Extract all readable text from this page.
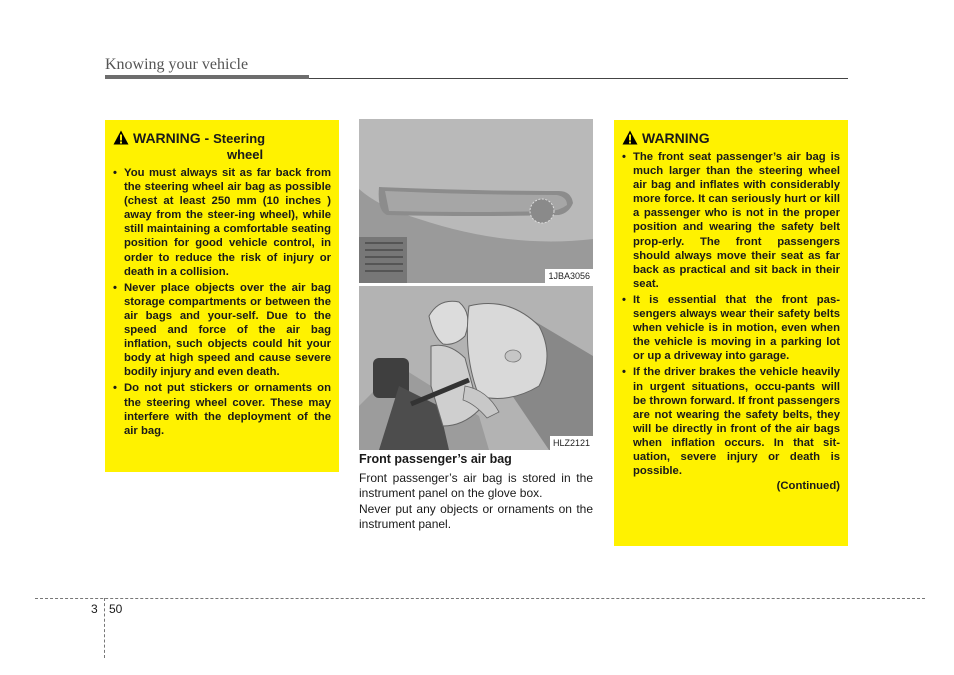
Knowing your vehicle
WARNING - Steering
wheel
• You must always sit as far back from the steering wheel air bag as possible (chest at least 250 mm (10 inches ) away from the steer-ing wheel), while still maintaining a comfortable seating position for good vehicle control, in order to reduce the risk of injury or death in a collision.
• Never place objects over the air bag storage compartments or between the air bags and your-self. Due to the speed and force of the air bag inflation, such objects could hit your body at high speed and cause severe bodily injury and even death.
• Do not put stickers or ornaments on the steering wheel cover. These may interfere with the deployment of the air bag.
1JBA3056
HLZ2121
Front passenger’s air bag

Front passenger’s air bag is stored in the instrument panel on the glove box.

Never put any objects or ornaments on the instrument panel.

WARNING
• The front seat passenger’s air bag is much larger than the steering wheel air bag and inflates with considerably more force. It can seriously hurt or kill a passenger who is not in the proper position and wearing the safety belt prop-erly. The front passengers should always move their seat as far back as practical and sit back in their seat.
• It is essential that the front pas-sengers always wear their safety belts when vehicle is in motion, even when the vehicle is moving in a parking lot or up a driveway into garage.
• If the driver brakes the vehicle heavily in urgent situations, occu-pants will be thrown forward. If front passengers are not wearing the safety belts, they will be directly in front of the air bags when inflation occurs. In that sit-uation, severe injury or death is possible.
(Continued)
3 50
